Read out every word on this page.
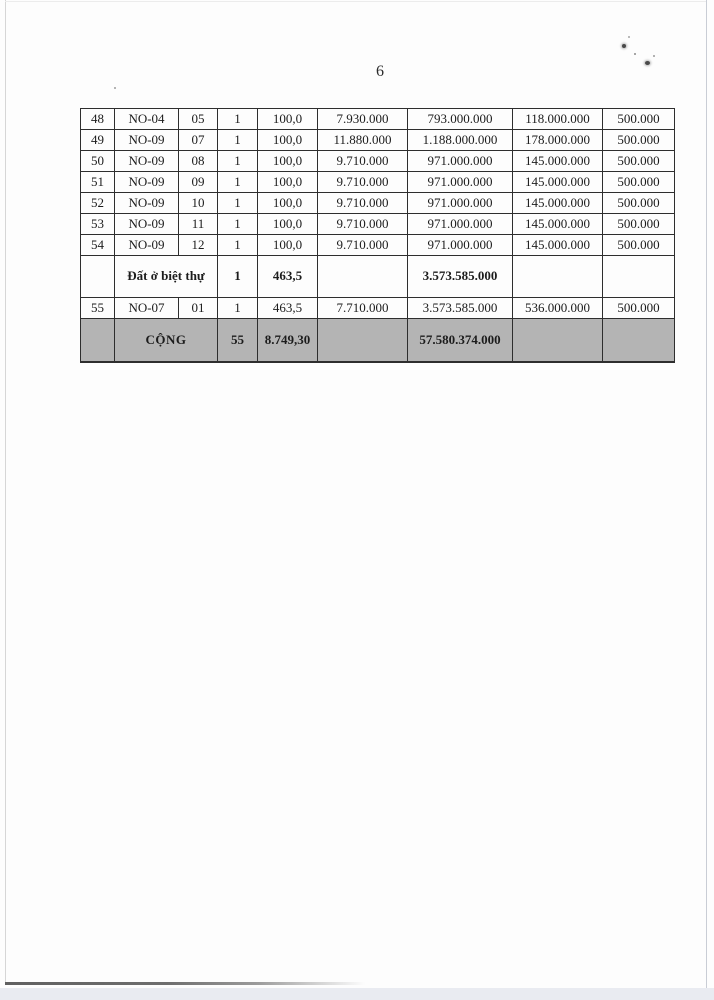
6
48	NO-04	05	1	100,0	7.930.000	793.000.000	118.000.000	500.000
49	NO-09	07	1	100,0	11.880.000	1.188.000.000	178.000.000	500.000
50	NO-09	08	1	100,0	9.710.000	971.000.000	145.000.000	500.000
51	NO-09	09	1	100,0	9.710.000	971.000.000	145.000.000	500.000
52	NO-09	10	1	100,0	9.710.000	971.000.000	145.000.000	500.000
53	NO-09	11	1	100,0	9.710.000	971.000.000	145.000.000	500.000
54	NO-09	12	1	100,0	9.710.000	971.000.000	145.000.000	500.000
	Đất ở biệt thự		1	463,5		3.573.585.000		
55	NO-07	01	1	463,5	7.710.000	3.573.585.000	536.000.000	500.000
	CỘNG		55	8.749,30		57.580.374.000		
